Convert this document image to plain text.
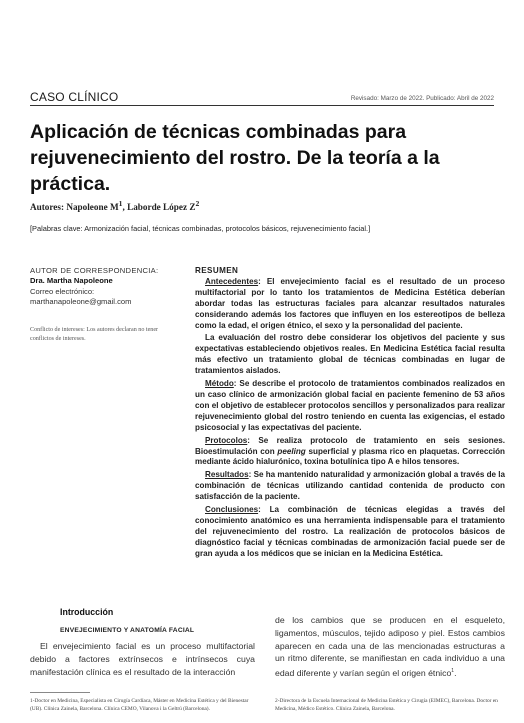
CASO CLÍNICO	Revisado: Marzo de 2022. Publicado: Abril de 2022
Aplicación de técnicas combinadas para rejuvenecimiento del rostro. De la teoría a la práctica.
Autores: Napoleone $M^1$, Laborde López $Z^2$
[Palabras clave: Armonización facial, técnicas combinadas, protocolos básicos, rejuvenecimiento facial.]
AUTOR DE CORRESPONDENCIA:
Dra. Martha Napoleone
Correo electrónico:
marthanapoleone@gmail.com
Conflicto de intereses: Los autores declaran no tener conflictos de intereses.
RESUMEN

Antecedentes: El envejecimiento facial es el resultado de un proceso multifactorial por lo tanto los tratamientos de Medicina Estética deberían abordar todas las estructuras faciales para alcanzar resultados naturales considerando además los factores que influyen en los estereotipos de belleza como la edad, el origen étnico, el sexo y la personalidad del paciente.

La evaluación del rostro debe considerar los objetivos del paciente y sus expectativas estableciendo objetivos reales. En Medicina Estética facial resulta más efectivo un tratamiento global de técnicas combinadas en lugar de tratamientos aislados.

Método: Se describe el protocolo de tratamientos combinados realizados en un caso clínico de armonización global facial en paciente femenino de 53 años con el objetivo de establecer protocolos sencillos y personalizados para realizar rejuvenecimiento global del rostro teniendo en cuenta las exigencias, el estado psicosocial y las expectativas del paciente.

Protocolos: Se realiza protocolo de tratamiento en seis sesiones. Bioestimulación con peeling superficial y plasma rico en plaquetas. Corrección mediante ácido hialurónico, toxina botulínica tipo A e hilos tensores.

Resultados: Se ha mantenido naturalidad y armonización global a través de la combinación de técnicas utilizando cantidad contenida de producto con satisfacción de la paciente.

Conclusiones: La combinación de técnicas elegidas a través del conocimiento anatómico es una herramienta indispensable para el tratamiento del rejuvenecimiento del rostro. La realización de protocolos básicos de diagnóstico facial y técnicas combinadas de armonización facial puede ser de gran ayuda a los médicos que se inician en la Medicina Estética.

Introducción
ENVEJECIMIENTO Y ANATOMÍA FACIAL
El envejecimiento facial es un proceso multifactorial debido a factores extrínsecos e intrínsecos cuya manifestación clínica es el resultado de la interacción
de los cambios que se producen en el esqueleto, ligamentos, músculos, tejido adiposo y piel. Estos cambios aparecen en cada una de las mencionadas estructuras a un ritmo diferente, se manifiestan en cada individuo a una edad diferente y varían según el origen étnico$^1$.
1-Doctor en Medicina, Especialista en Cirugía Cardíaca, Máster en Medicina Estética y del Bienestar (UB). Clínica Zainela, Barcelona. Clínica CEMO, Vilanova i la Geltrú (Barcelona).
2-Directora de la Escuela Internacional de Medicina Estética y Cirugía (EIMEC), Barcelona. Doctor en Medicina, Médico Estético. Clínica Zainela, Barcelona.
